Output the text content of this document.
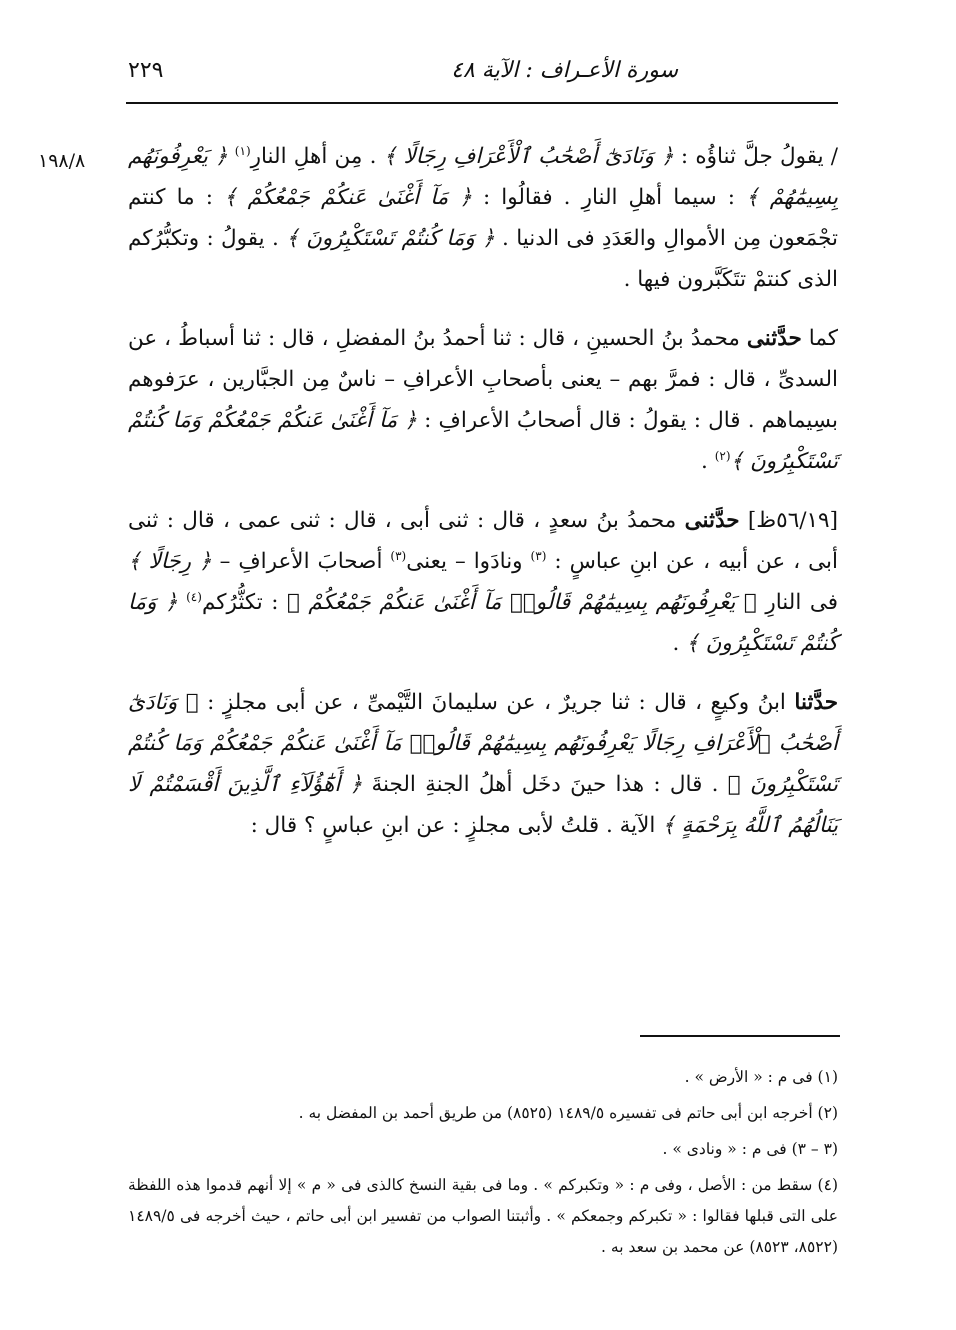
سورة الأعـراف : الآية ٤٨
٢٢٩
١٩٨/٨	/ يقولُ جلَّ ثناؤُه : ﴿ وَنَادَىٰٓ أَصْحَٰبُ ٱلْأَعْرَافِ رِجَالًا ﴾ . مِن أهلِ النارِ$^{(١)}$ ﴿ يَعْرِفُونَهُم بِسِيمَٰهُمْ ﴾ : سيما أهلِ النارِ . فقالُوا : ﴿ مَآ أَغْنَىٰ عَنكُمْ جَمْعُكُمْ ﴾ : ما كنتم تجْمَعون مِن الأموالِ والعَدَدِ فى الدنيا . ﴿ وَمَا كُنتُمْ تَسْتَكْبِرُونَ ﴾ . يقولُ : وتكبُّرُكم الذى كنتمْ تتَكَبَّرون فيها .

كما حدَّثنى محمدُ بنُ الحسينِ ، قال : ثنا أحمدُ بنُ المفضلِ ، قال : ثنا أسباطُ ، عن السدىِّ ، قال : فمرَّ بهم – يعنى بأصحابِ الأعرافِ – ناسٌ مِن الجبَّارين ، عرَفوهم بسِيماهم . قال : يقولُ : قال أصحابُ الأعرافِ : ﴿ مَآ أَغْنَىٰ عَنكُمْ جَمْعُكُمْ وَمَا كُنتُمْ تَسْتَكْبِرُونَ ﴾$^{(٢)}$ .

[٥٦/١٩ظ] حدَّثنى محمدُ بنُ سعدٍ ، قال : ثنى أبى ، قال : ثنى عمى ، قال : ثنى أبى ، عن أبيه ، عن ابنِ عباسٍ : $^{(٣)}$ ونادَوا – يعنى$^{(٣)}$ أصحابَ الأعرافِ – ﴿ رِجَالًا ﴾ فى النارِ ﴿ يَعْرِفُونَهُم بِسِيمَٰهُمْ قَالُوا۟ مَآ أَغْنَىٰ عَنكُمْ جَمْعُكُمْ ﴾ : تكثُّرُكم$^{(٤)}$ ﴿ وَمَا كُنتُمْ تَسْتَكْبِرُونَ ﴾ .

حدَّثنا ابنُ وكيعٍ ، قال : ثنا جريرٌ ، عن سليمانَ التَّيْمىِّ ، عن أبى مجلزٍ : ﴿ وَنَادَىٰٓ أَصْحَٰبُ ٱلْأَعْرَافِ رِجَالًا يَعْرِفُونَهُم بِسِيمَٰهُمْ قَالُوا۟ مَآ أَغْنَىٰ عَنكُمْ جَمْعُكُمْ وَمَا كُنتُمْ تَسْتَكْبِرُونَ ﴾ . قال : هذا حينَ دخَل أهلُ الجنةِ الجنةَ ﴿ أَهَٰٓؤُلَآءِ ٱلَّذِينَ أَقْسَمْتُمْ لَا يَنَالُهُمُ ٱللَّهُ بِرَحْمَةٍ ﴾ الآية . قلتُ لأبى مجلزٍ : عن ابنِ عباسٍ ؟ قال :

(١) فى م : « الأرض » .

(٢) أخرجه ابن أبى حاتم فى تفسيره ١٤٨٩/٥ (٨٥٢٥) من طريق أحمد بن المفضل به .

(٣ – ٣) فى م : « ونادى » .

(٤) سقط من : الأصل ، وفى م : « وتكبركم » . وما فى بقية النسخ كالذى فى « م » إلا أنهم قدموا هذه اللفظة على التى قبلها فقالوا : « تكبركم وجمعكم » . وأثبتنا الصواب من تفسير ابن أبى حاتم ، حيث أخرجه فى ١٤٨٩/٥ (٨٥٢٢، ٨٥٢٣) عن محمد بن سعد به .
